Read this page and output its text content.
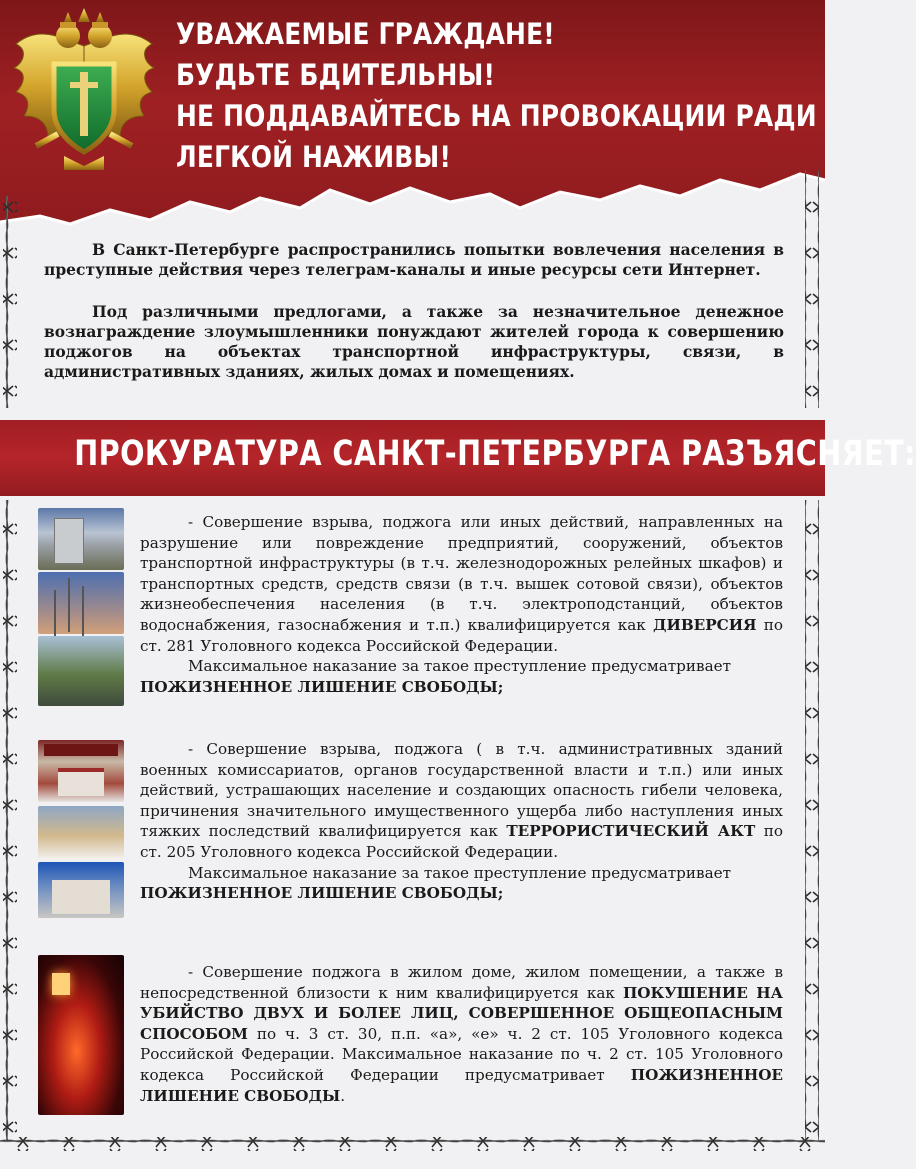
УВАЖАЕМЫЕ ГРАЖДАНЕ!
БУДЬТЕ БДИТЕЛЬНЫ!
НЕ ПОДДАВАЙТЕСЬ НА ПРОВОКАЦИИ РАДИ
ЛЕГКОЙ НАЖИВЫ!

В Санкт-Петербурге распространились попытки вовлечения населения в преступные действия через телеграм-каналы и иные ресурсы сети Интернет.

Под различными предлогами, а также за незначительное денежное вознаграждение злоумышленники понуждают жителей города к совершению поджогов на объектах транспортной инфраструктуры, связи, в административных зданиях, жилых домах и помещениях.

ПРОКУРАТУРА САНКТ-ПЕТЕРБУРГА РАЗЪЯСНЯЕТ:

- Совершение взрыва, поджога или иных действий, направленных на разрушение или повреждение предприятий, сооружений, объектов транспортной инфраструктуры (в т.ч. железнодорожных релейных шкафов) и транспортных средств, средств связи (в т.ч. вышек сотовой связи), объектов жизнеобеспечения населения (в т.ч. электроподстанций, объектов водоснабжения, газоснабжения и т.п.) квалифицируется как ДИВЕРСИЯ по ст. 281 Уголовного кодекса Российской Федерации.

Максимальное наказание за такое преступление предусматривает

ПОЖИЗНЕННОЕ ЛИШЕНИЕ СВОБОДЫ;

- Совершение взрыва, поджога ( в т.ч. административных зданий военных комиссариатов, органов государственной власти и т.п.) или иных действий, устрашающих население и создающих опасность гибели человека, причинения значительного имущественного ущерба либо наступления иных тяжких последствий квалифицируется как ТЕРРОРИСТИЧЕСКИЙ АКТ по ст. 205 Уголовного кодекса Российской Федерации.

Максимальное наказание за такое преступление предусматривает

ПОЖИЗНЕННОЕ ЛИШЕНИЕ СВОБОДЫ;

- Совершение поджога в жилом доме, жилом помещении, а также в непосредственной близости к ним квалифицируется как ПОКУШЕНИЕ НА УБИЙСТВО ДВУХ И БОЛЕЕ ЛИЦ, СОВЕРШЕННОЕ ОБЩЕОПАСНЫМ СПОСОБОМ по ч. 3 ст. 30, п.п. «а», «е» ч. 2 ст. 105 Уголовного кодекса Российской Федерации. Максимальное наказание по ч. 2 ст. 105 Уголовного кодекса Российской Федерации предусматривает ПОЖИЗНЕННОЕ ЛИШЕНИЕ СВОБОДЫ.
